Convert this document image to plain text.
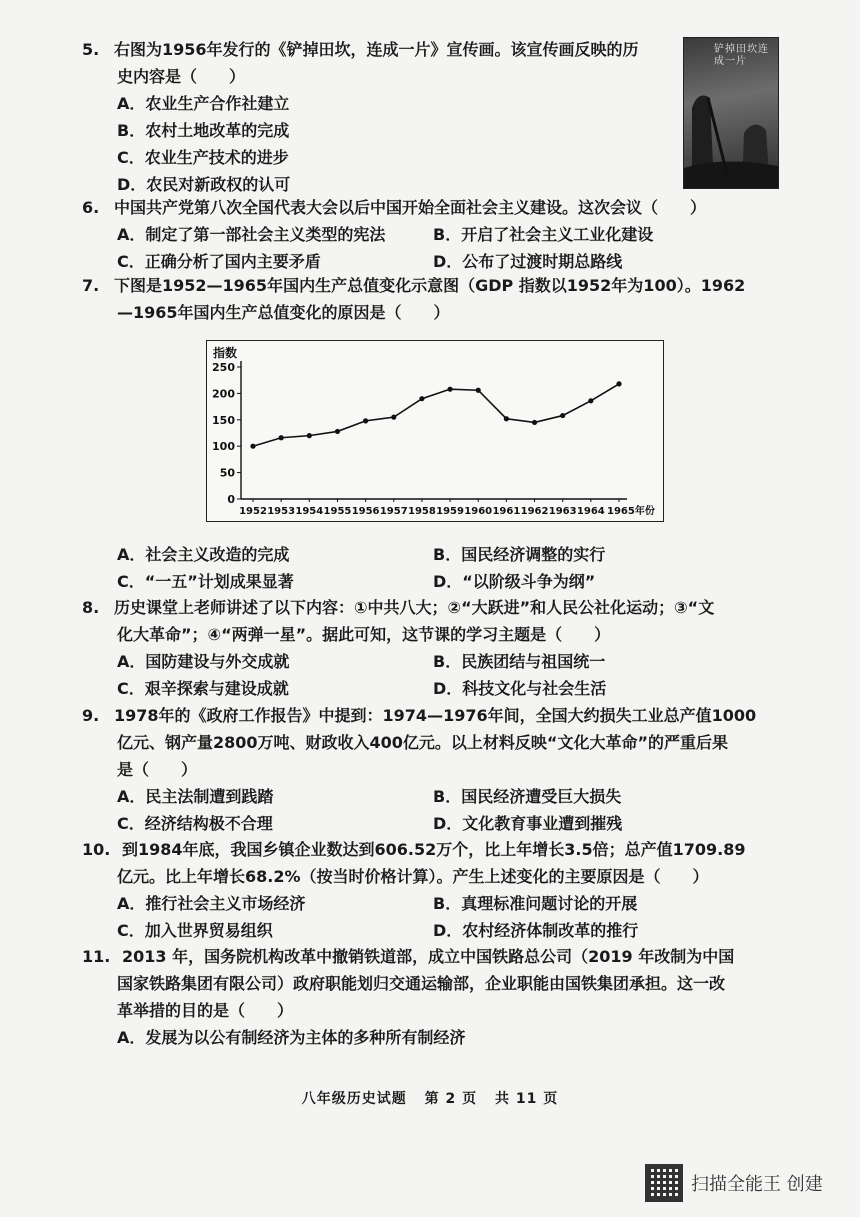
5. 右图为1956年发行的《铲掉田坎，连成一片》宣传画。该宣传画反映的历
史内容是（　　）
A．农业生产合作社建立
B．农村土地改革的完成
C．农业生产技术的进步
D．农民对新政权的认可
铲掉田坎连成一片
6. 中国共产党第八次全国代表大会以后中国开始全面社会主义建设。这次会议（　　）
A．制定了第一部社会主义类型的宪法	B．开启了社会主义工业化建设
C．正确分析了国内主要矛盾	D．公布了过渡时期总路线
7. 下图是1952—1965年国内生产总值变化示意图（GDP 指数以1952年为100）。1962
—1965年国内生产总值变化的原因是（　　）
指数
0
50
100
150
200
250
1952 1953 1954 1955 1956 1957 1958 1959 1960 1961 1962 1963 1964 1965年份
A．社会主义改造的完成	B．国民经济调整的实行
C．“一五”计划成果显著	D．“以阶级斗争为纲”
8. 历史课堂上老师讲述了以下内容：①中共八大；②“大跃进”和人民公社化运动；③“文
化大革命”；④“两弹一星”。据此可知，这节课的学习主题是（　　）
A．国防建设与外交成就	B．民族团结与祖国统一
C．艰辛探索与建设成就	D．科技文化与社会生活
9. 1978年的《政府工作报告》中提到：1974—1976年间，全国大约损失工业总产值1000
亿元、钢产量2800万吨、财政收入400亿元。以上材料反映“文化大革命”的严重后果
是（　　）
A．民主法制遭到践踏	B．国民经济遭受巨大损失
C．经济结构极不合理	D．文化教育事业遭到摧残
10. 到1984年底，我国乡镇企业数达到606.52万个，比上年增长3.5倍；总产值1709.89
亿元。比上年增长68.2%（按当时价格计算）。产生上述变化的主要原因是（　　）
A．推行社会主义市场经济	B．真理标准问题讨论的开展
C．加入世界贸易组织	D．农村经济体制改革的推行
11. 2013 年，国务院机构改革中撤销铁道部，成立中国铁路总公司（2019 年改制为中国
国家铁路集团有限公司）政府职能划归交通运输部，企业职能由国铁集团承担。这一改
革举措的目的是（　　）
A．发展为以公有制经济为主体的多种所有制经济
八年级历史试题 第 2 页 共 11 页
扫描全能王 创建
